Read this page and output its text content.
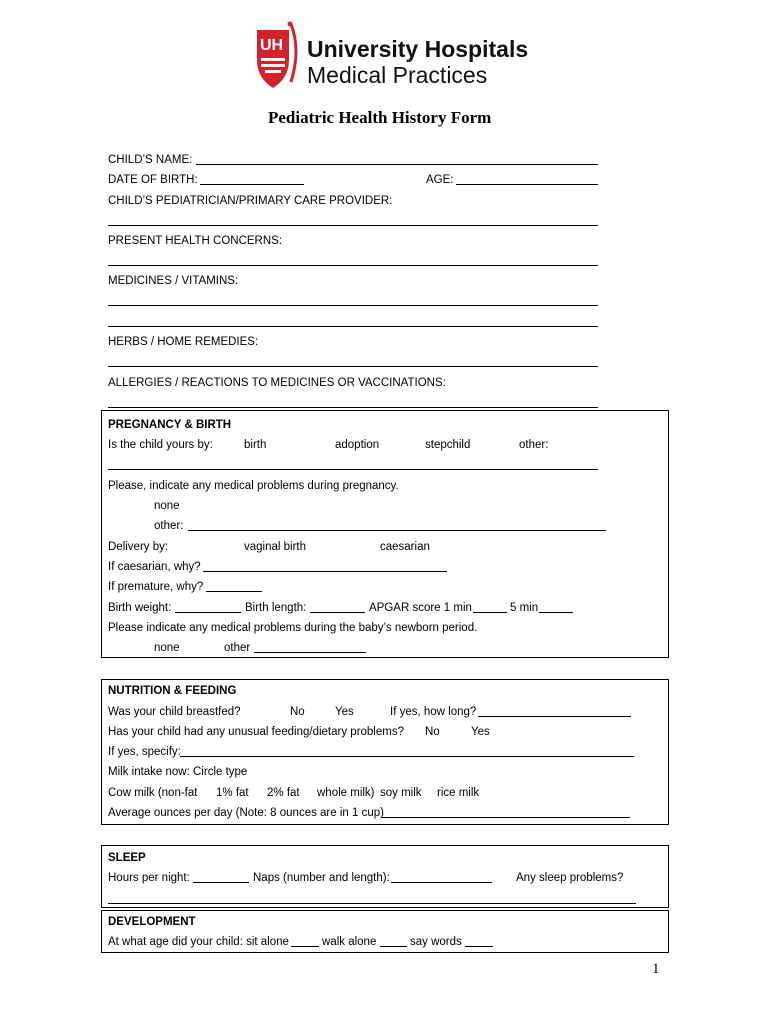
UH University Hospitals
Medical Practices
Pediatric Health History Form
CHILD’S NAME:
DATE OF BIRTH:	AGE:
CHILD’S PEDIATRICIAN/PRIMARY CARE PROVIDER:
PRESENT HEALTH CONCERNS:
MEDICINES / VITAMINS:
HERBS / HOME REMEDIES:
ALLERGIES / REACTIONS TO MEDICINES OR VACCINATIONS:
PREGNANCY & BIRTH
Is the child yours by:	birth	adoption	stepchild	other:
Please, indicate any medical problems during pregnancy.
none
other:
Delivery by:	vaginal birth	caesarian
If caesarian, why?
If premature, why?
Birth weight:	Birth length:	APGAR score 1 min	5 min
Please indicate any medical problems during the baby’s newborn period.
none	other
NUTRITION & FEEDING
Was your child breastfed?	No	Yes	If yes, how long?
Has your child had any unusual feeding/dietary problems? No	Yes
If yes, specify:
Milk intake now: Circle type
Cow milk (non-fat 1% fat 2% fat whole milk) soy milk rice milk
Average ounces per day (Note: 8 ounces are in 1 cup)
SLEEP
Hours per night:	Naps (number and length):	Any sleep problems?
DEVELOPMENT
At what age did your child: sit alone	walk alone	say words
1
